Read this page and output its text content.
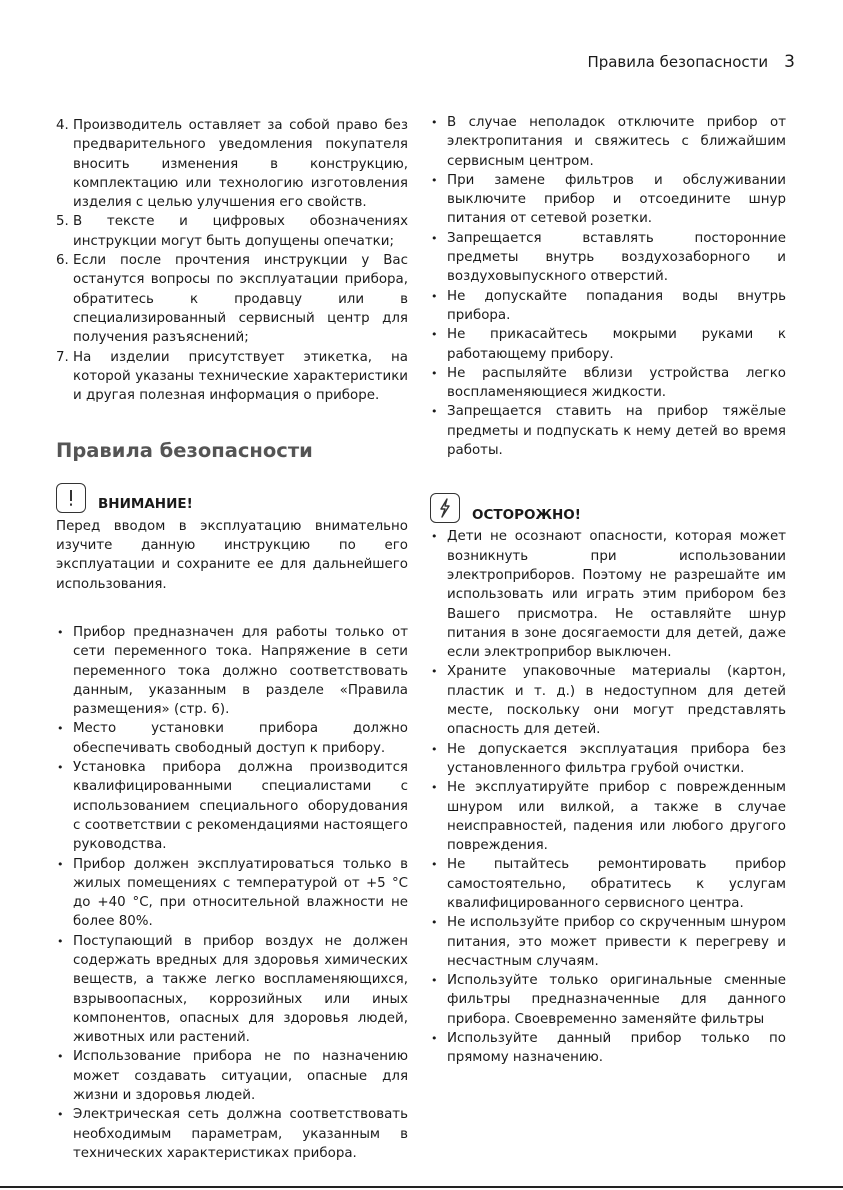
Правила безопасности 3
4. Производитель оставляет за собой право без предварительного уведомления покупателя вносить изменения в конструкцию, комплектацию или технологию изготовления изделия с целью улучшения его свойств.
5. В тексте и цифровых обозначениях инструкции могут быть допущены опечатки;
6. Если после прочтения инструкции у Вас останутся вопросы по эксплуатации прибора, обратитесь к продавцу или в специализированный сервисный центр для получения разъяснений;
7. На изделии присутствует этикетка, на которой указаны технические характеристики и другая полезная информация о приборе.
Правила безопасности
ВНИМАНИЕ!

Перед вводом в эксплуатацию внимательно изучите данную инструкцию по его эксплуатации и сохраните ее для дальнейшего использования.

• Прибор предназначен для работы только от сети переменного тока. Напряжение в сети переменного тока должно соответствовать данным, указанным в разделе «Правила размещения» (стр. 6).
• Место установки прибора должно обеспечивать свободный доступ к прибору.
• Установка прибора должна производится квалифицированными специалистами с использованием специального оборудования с соответствии с рекомендациями настоящего руководства.
• Прибор должен эксплуатироваться только в жилых помещениях с температурой от +5 °С до +40 °С, при относительной влажности не более 80%.
• Поступающий в прибор воздух не должен содержать вредных для здоровья химических веществ, а также легко воспламеняющихся, взрывоопасных, коррозийных или иных компонентов, опасных для здоровья людей, животных или растений.
• Использование прибора не по назначению может создавать ситуации, опасные для жизни и здоровья людей.
• Электрическая сеть должна соответствовать необходимым параметрам, указанным в технических характеристиках прибора.
• В случае неполадок отключите прибор от электропитания и свяжитесь с ближайшим сервисным центром.
• При замене фильтров и обслуживании выключите прибор и отсоедините шнур питания от сетевой розетки.
• Запрещается вставлять посторонние предметы внутрь воздухозаборного и воздуховыпускного отверстий.
• Не допускайте попадания воды внутрь прибора.
• Не прикасайтесь мокрыми руками к работающему прибору.
• Не распыляйте вблизи устройства легко воспламеняющиеся жидкости.
• Запрещается ставить на прибор тяжёлые предметы и подпускать к нему детей во время работы.
ОСТОРОЖНО!
• Дети не осознают опасности, которая может возникнуть при использовании электроприборов. Поэтому не разрешайте им использовать или играть этим прибором без Вашего присмотра. Не оставляйте шнур питания в зоне досягаемости для детей, даже если электроприбор выключен.
• Храните упаковочные материалы (картон, пластик и т. д.) в недоступном для детей месте, поскольку они могут представлять опасность для детей.
• Не допускается эксплуатация прибора без установленного фильтра грубой очистки.
• Не эксплуатируйте прибор с поврежденным шнуром или вилкой, а также в случае неисправностей, падения или любого другого повреждения.
• Не пытайтесь ремонтировать прибор самостоятельно, обратитесь к услугам квалифицированного сервисного центра.
• Не используйте прибор со скрученным шнуром питания, это может привести к перегреву и несчастным случаям.
• Используйте только оригинальные сменные фильтры предназначенные для данного прибора. Своевременно заменяйте фильтры
• Используйте данный прибор только по прямому назначению.
